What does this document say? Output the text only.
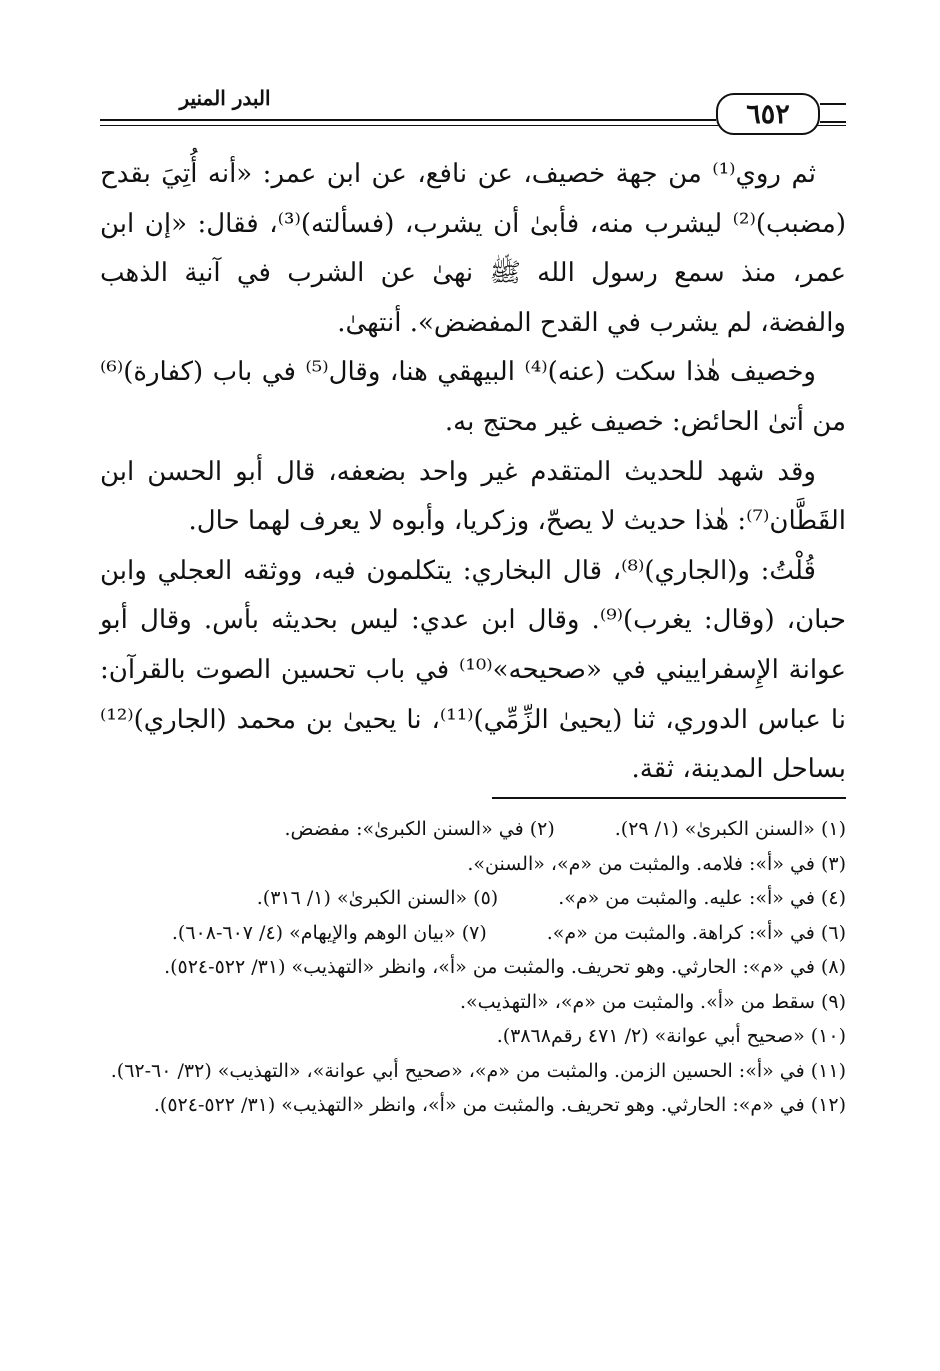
٦٥٢
البدر المنير

ثم روي⁽¹⁾ من جهة خصيف، عن نافع، عن ابن عمر: «أنه أُتِيَ بقدح (مضبب)⁽²⁾ ليشرب منه، فأبىٰ أن يشرب، (فسألته)⁽³⁾، فقال: «إن ابن عمر، منذ سمع رسول الله ﷺ نهىٰ عن الشرب في آنية الذهب والفضة، لم يشرب في القدح المفضض». أنتهىٰ.

وخصيف هٰذا سكت (عنه)⁽⁴⁾ البيهقي هنا، وقال⁽⁵⁾ في باب (كفارة)⁽⁶⁾ من أتىٰ الحائض: خصيف غير محتج به.

وقد شهد للحديث المتقدم غير واحد بضعفه، قال أبو الحسن ابن القَطَّان⁽⁷⁾: هٰذا حديث لا يصحّ، وزكريا، وأبوه لا يعرف لهما حال.

قُلْتُ: و(الجاري)⁽⁸⁾، قال البخاري: يتكلمون فيه، ووثقه العجلي وابن حبان، (وقال: يغرب)⁽⁹⁾. وقال ابن عدي: ليس بحديثه بأس. وقال أبو عوانة الإِسفراييني في «صحيحه»⁽¹⁰⁾ في باب تحسين الصوت بالقرآن: نا عباس الدوري، ثنا (يحيىٰ الزِّمِّي)⁽¹¹⁾، نا يحيىٰ بن محمد (الجاري)⁽¹²⁾ بساحل المدينة، ثقة.

(١) «السنن الكبرىٰ» (١/ ٢٩).

(٢) في «السنن الكبرىٰ»: مفضض.

(٣) في «أ»: فلامه. والمثبت من «م»، «السنن».

(٤) في «أ»: عليه. والمثبت من «م».

(٥) «السنن الكبرىٰ» (١/ ٣١٦).

(٦) في «أ»: كراهة. والمثبت من «م».

(٧) «بيان الوهم والإيهام» (٤/ ٦٠٧-٦٠٨).

(٨) في «م»: الحارثي. وهو تحريف. والمثبت من «أ»، وانظر «التهذيب» (٣١/ ٥٢٢-٥٢٤).

(٩) سقط من «أ». والمثبت من «م»، «التهذيب».

(١٠) «صحيح أبي عوانة» (٢/ ٤٧١ رقم٣٨٦٨).

(١١) في «أ»: الحسين الزمن. والمثبت من «م»، «صحيح أبي عوانة»، «التهذيب» (٣٢/ ٦٠-٦٢).

(١٢) في «م»: الحارثي. وهو تحريف. والمثبت من «أ»، وانظر «التهذيب» (٣١/ ٥٢٢-٥٢٤).
